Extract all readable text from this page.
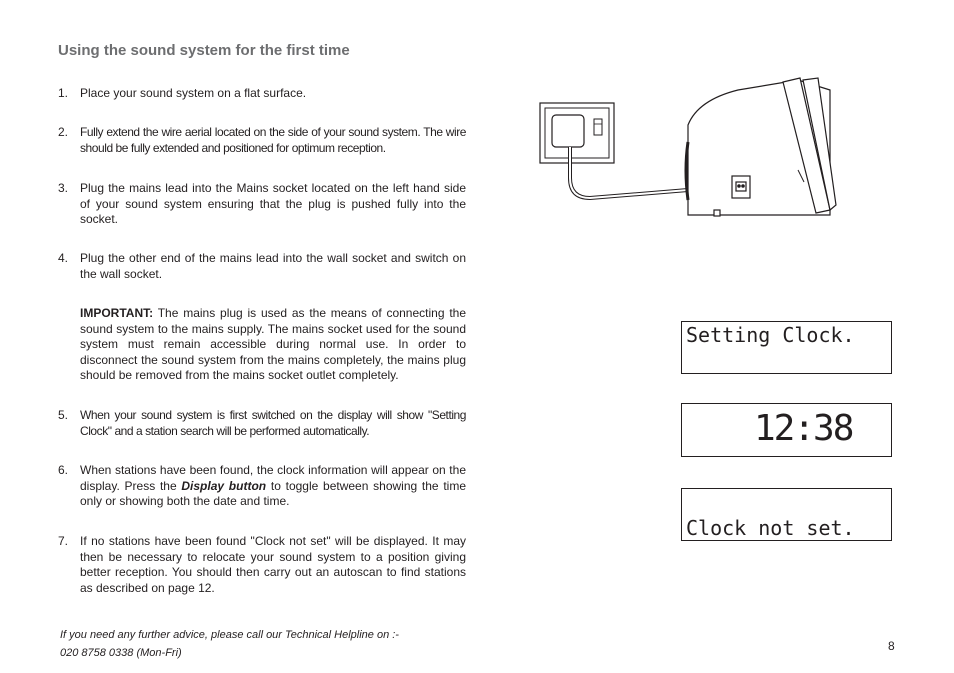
Using the sound system for the first time
1. Place your sound system on a flat surface.
2. Fully extend the wire aerial located on the side of your sound system. The wire should be fully extended and positioned for optimum reception.
3. Plug the mains lead into the Mains socket located on the left hand side of your sound system ensuring that the plug is pushed fully into the socket.
4. Plug the other end of the mains lead into the wall socket and switch on the wall socket.
5. When your sound system is first switched on the display will show "Setting Clock" and a station search will be performed automatically.
6. When stations have been found, the clock information will appear on the display. Press the Display button to toggle between showing the time only or showing both the date and time.
7. If no stations have been found "Clock not set" will be displayed. It may then be necessary to relocate your sound system to a position giving better reception. You should then carry out an autoscan to find stations as described on page 12.
IMPORTANT: The mains plug is used as the means of connecting the sound system to the mains supply. The mains socket used for the sound system must remain accessible during normal use. In order to disconnect the sound system from the mains completely, the mains plug should be removed from the mains socket outlet completely.
Setting Clock.
12:38
Clock not set.
If you need any further advice, please call our Technical Helpline on :-
020 8758 0338 (Mon-Fri)	8
